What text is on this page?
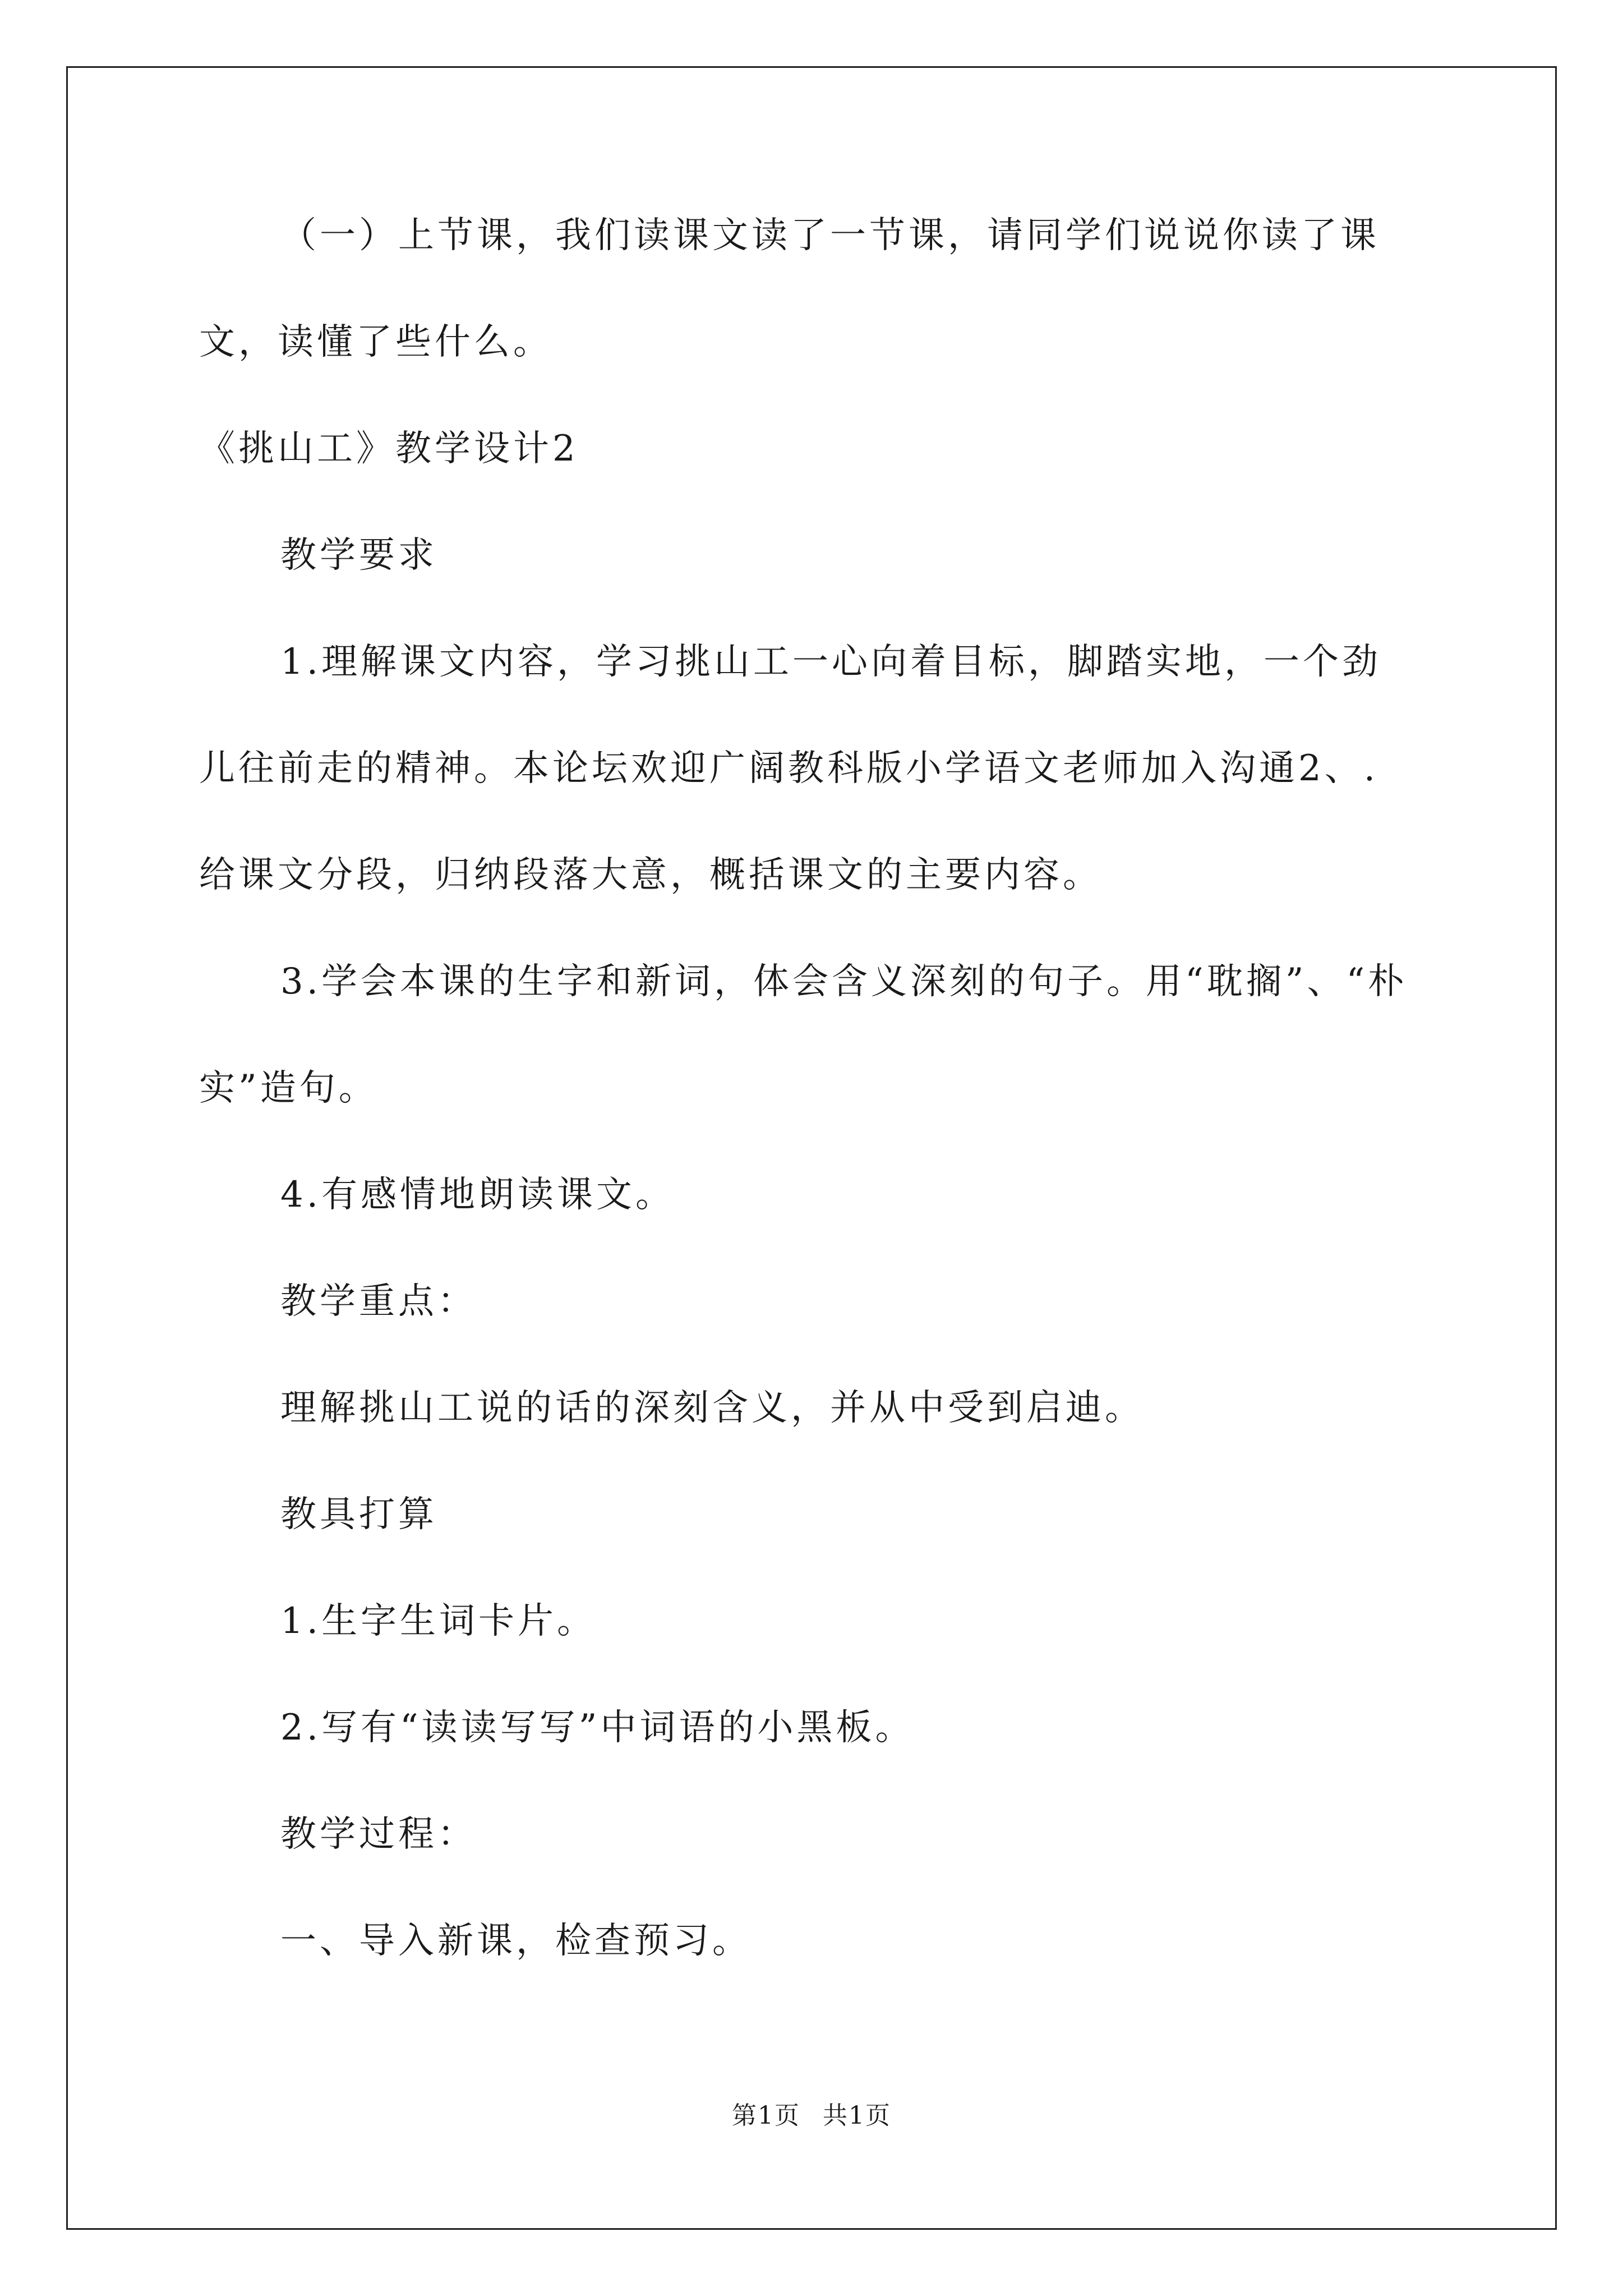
（一）上节课，我们读课文读了一节课，请同学们说说你读了课
文，读懂了些什么。
《挑山工》教学设计2
教学要求
1.理解课文内容，学习挑山工一心向着目标，脚踏实地，一个劲
儿往前走的精神。本论坛欢迎广阔教科版小学语文老师加入沟通2、.
给课文分段，归纳段落大意，概括课文的主要内容。
3.学会本课的生字和新词，体会含义深刻的句子。用“耽搁”、“朴
实”造句。
4.有感情地朗读课文。
教学重点：
理解挑山工说的话的深刻含义，并从中受到启迪。
教具打算
1.生字生词卡片。
2.写有“读读写写”中词语的小黑板。
教学过程：
一、导入新课，检查预习。
第1页 共1页
